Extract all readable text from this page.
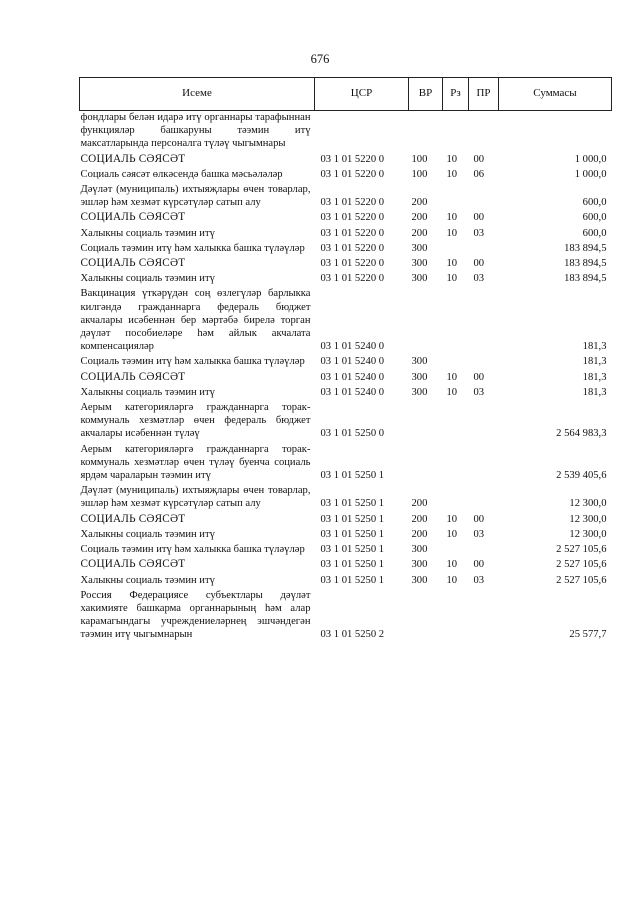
676
Исеме	ЦСР	ВР	Рз	ПР	Суммасы
фондлары белән идарә итү органнары тарафыннан функцияләр башкаруны тәэмин итү максатларында персоналга түләү чыгымнары					
СОЦИАЛЬ СӘЯСӘТ	03 1 01 5220 0	100	10	00	1 000,0
Социаль сәясәт өлкәсендә башка мәсьәләләр	03 1 01 5220 0	100	10	06	1 000,0
Дәүләт (муниципаль) ихтыяҗлары өчен товарлар, эшләр һәм хезмәт күрсәтүләр сатып алу	03 1 01 5220 0	200			600,0
СОЦИАЛЬ СӘЯСӘТ	03 1 01 5220 0	200	10	00	600,0
Халыкны социаль тәэмин итү	03 1 01 5220 0	200	10	03	600,0
Социаль тәэмин итү һәм халыкка башка түләүләр	03 1 01 5220 0	300			183 894,5
СОЦИАЛЬ СӘЯСӘТ	03 1 01 5220 0	300	10	00	183 894,5
Халыкны социаль тәэмин итү	03 1 01 5220 0	300	10	03	183 894,5
Вакцинация үткәрүдән соң өзлегүләр барлыкка килгәндә гражданнарга федераль бюджет акчалары исәбеннән бер мәртәбә бирелә торган дәүләт пособиеләре һәм айлык акчалата компенсацияләр	03 1 01 5240 0				181,3
Социаль тәэмин итү һәм халыкка башка түләүләр	03 1 01 5240 0	300			181,3
СОЦИАЛЬ СӘЯСӘТ	03 1 01 5240 0	300	10	00	181,3
Халыкны социаль тәэмин итү	03 1 01 5240 0	300	10	03	181,3
Аерым категорияләргә гражданнарга торак-коммуналь хезмәтләр өчен федераль бюджет акчалары исәбеннән түләү	03 1 01 5250 0				2 564 983,3
Аерым категорияләргә гражданнарга торак-коммуналь хезмәтләр өчен түләү буенча социаль ярдәм чараларын тәэмин итү	03 1 01 5250 1				2 539 405,6
Дәүләт (муниципаль) ихтыяҗлары өчен товарлар, эшләр һәм хезмәт күрсәтүләр сатып алу	03 1 01 5250 1	200			12 300,0
СОЦИАЛЬ СӘЯСӘТ	03 1 01 5250 1	200	10	00	12 300,0
Халыкны социаль тәэмин итү	03 1 01 5250 1	200	10	03	12 300,0
Социаль тәэмин итү һәм халыкка башка түләүләр	03 1 01 5250 1	300			2 527 105,6
СОЦИАЛЬ СӘЯСӘТ	03 1 01 5250 1	300	10	00	2 527 105,6
Халыкны социаль тәэмин итү	03 1 01 5250 1	300	10	03	2 527 105,6
Россия Федерациясе субъектлары дәүләт хакимияте башкарма органнарының һәм алар карамагындагы учреждениеләрнең эшчәндегән тәэмин итү чыгымнарын	03 1 01 5250 2				25 577,7
